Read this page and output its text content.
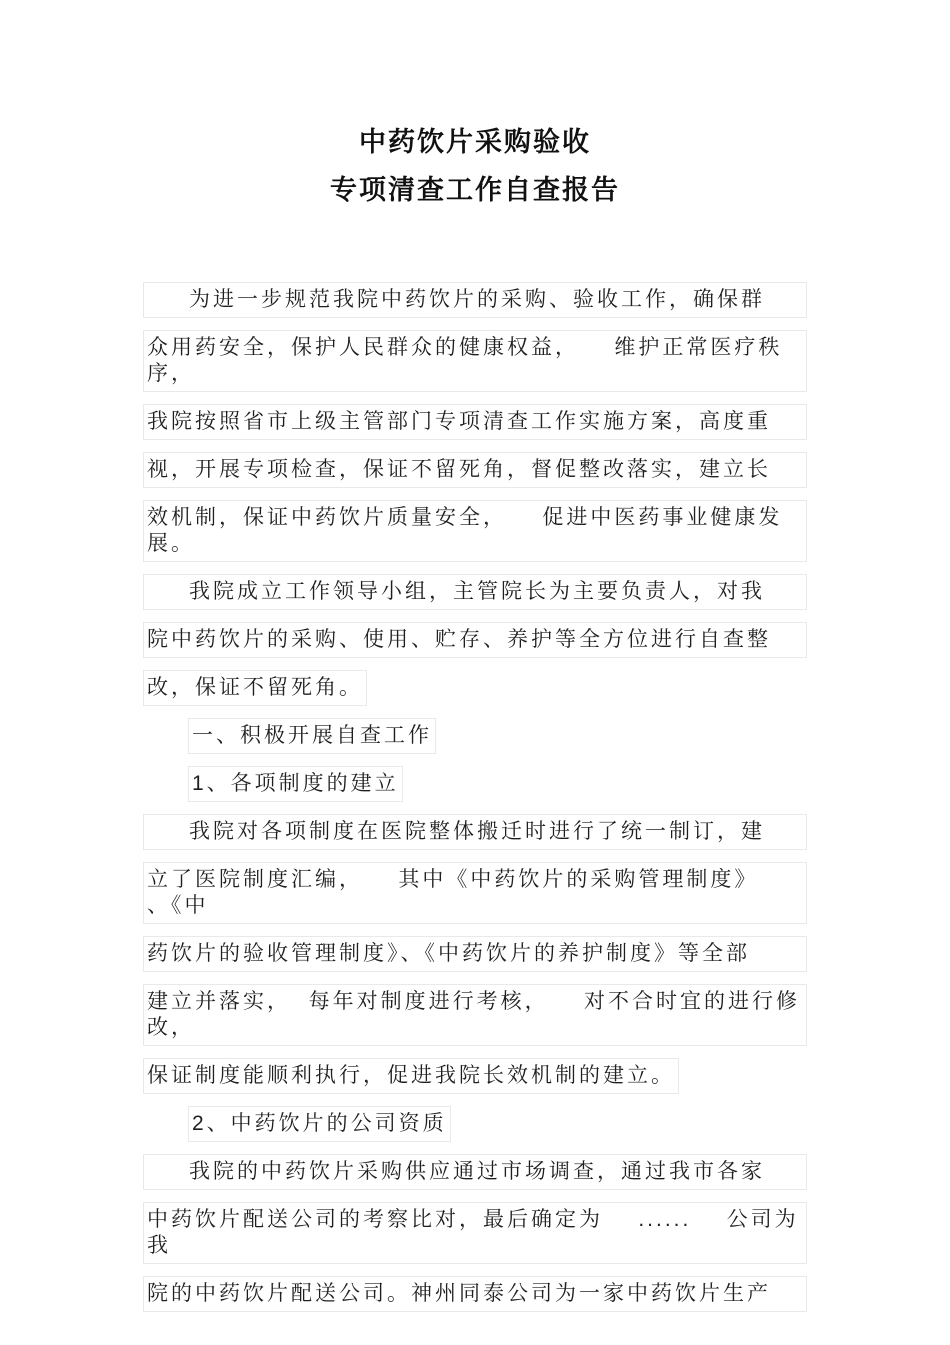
中药饮片采购验收
专项清查工作自查报告
为进一步规范我院中药饮片的采购、验收工作，确保群
众用药安全，保护人民群众的健康权益，    维护正常医疗秩序，
我院按照省市上级主管部门专项清查工作实施方案，高度重
视，开展专项检查，保证不留死角，督促整改落实，建立长
效机制，保证中药饮片质量安全，    促进中医药事业健康发展。
我院成立工作领导小组，主管院长为主要负责人，对我
院中药饮片的采购、使用、贮存、养护等全方位进行自查整
改，保证不留死角。
一、积极开展自查工作
1、各项制度的建立
我院对各项制度在医院整体搬迁时进行了统一制订，建
立了医院制度汇编，    其中《中药饮片的采购管理制度》    、《中
药饮片的验收管理制度》、《中药饮片的养护制度》等全部
建立并落实，  每年对制度进行考核，    对不合时宜的进行修改，
保证制度能顺利执行，促进我院长效机制的建立。
2、中药饮片的公司资质
我院的中药饮片采购供应通过市场调查，通过我市各家
中药饮片配送公司的考察比对，最后确定为    ......    公司为我
院的中药饮片配送公司。神州同泰公司为一家中药饮片生产
